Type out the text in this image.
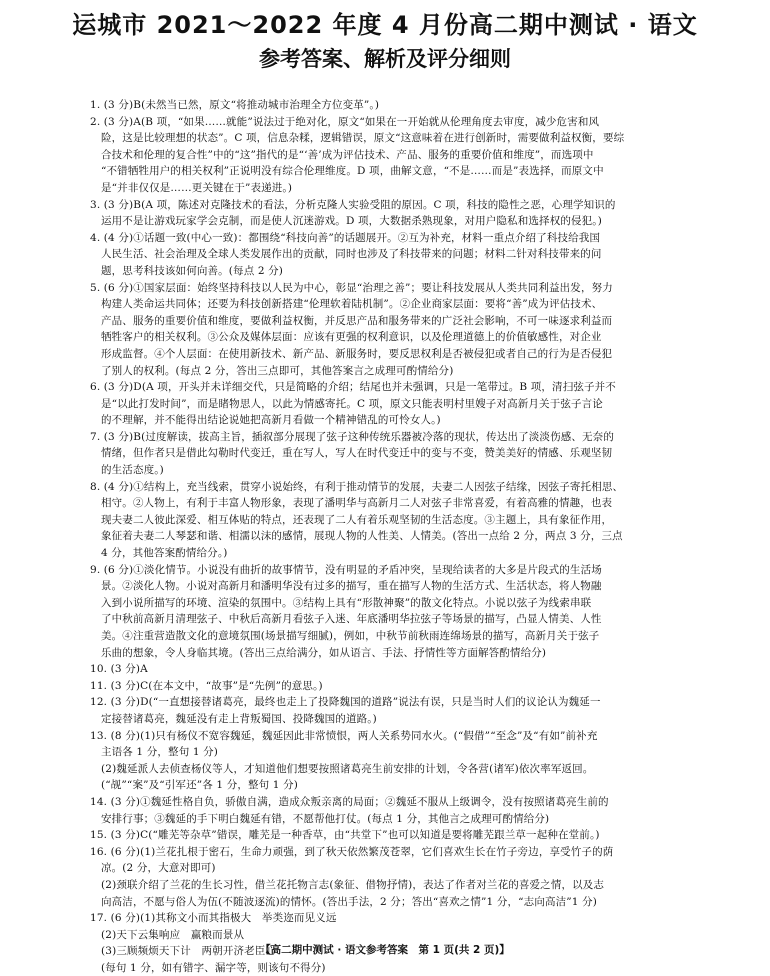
运城市 2021～2022 年度 4 月份高二期中测试 · 语文
参考答案、解析及评分细则
1. (3 分)B(未然当已然，原文“将推动城市治理全方位变革”。)
2. (3 分)A(B 项，“如果……就能”说法过于绝对化，原文“如果在一开始就从伦理角度去审度，减少危害和风
险，这是比较理想的状态”。C 项，信息杂糅，逻辑错误，原文“这意味着在进行创新时，需要做利益权衡，要综
合技术和伦理的复合性”中的“这”指代的是“‘善’成为评估技术、产品、服务的重要价值和维度”，而选项中
“不错牺牲用户的相关权利”正说明没有综合伦理维度。D 项，曲解文意，“不是……而是”表选择，而原文中
是“并非仅仅是……更关键在于”表递进。)
3. (3 分)B(A 项，陈述对克隆技术的看法，分析克隆人实验受阻的原因。C 项，科技的隐性之恶，心理学知识的
运用不是让游戏玩家学会克制，而是使人沉迷游戏。D 项，大数据杀熟现象，对用户隐私和选择权的侵犯。)
4. (4 分)①话题一致(中心一致)：都围绕“科技向善”的话题展开。②互为补充，材料一重点介绍了科技给我国
人民生活、社会治理及全球人类发展作出的贡献，同时也涉及了科技带来的问题；材料二针对科技带来的问
题，思考科技该如何向善。(每点 2 分)
5. (6 分)①国家层面：始终坚持科技以人民为中心，彰显“治理之善”；要让科技发展从人类共同利益出发，努力
构建人类命运共同体；还要为科技创新搭建“伦理软着陆机制”。②企业商家层面：要将“善”成为评估技术、
产品、服务的重要价值和维度，要做利益权衡，并反思产品和服务带来的广泛社会影响，不可一味逐求利益而
牺牲客户的相关权利。③公众及媒体层面：应该有更强的权利意识，以及伦理道德上的价值敏感性，对企业
形成监督。④个人层面：在使用新技术、新产品、新服务时，要反思权利是否被侵犯或者自己的行为是否侵犯
了别人的权利。(每点 2 分，答出三点即可，其他答案言之成理可酌情给分)
6. (3 分)D(A 项，开头并未详细交代，只是简略的介绍；结尾也并未强调，只是一笔带过。B 项，清扫弦子并不
是“以此打发时间”，而是睹物思人，以此为情感寄托。C 项，原文只能表明村里嫂子对高新月关于弦子言论
的不理解，并不能得出结论说她把高新月看做一个精神错乱的可怜女人。)
7. (3 分)B(过度解读，拔高主旨，插叙部分展现了弦子这种传统乐器被冷落的现状，传达出了淡淡伤感、无奈的
情绪，但作者只是借此勾勒时代变迁，重在写人，写人在时代变迁中的变与不变，赞美美好的情感、乐观坚韧
的生活态度。)
8. (4 分)①结构上，充当线索，贯穿小说始终，有利于推动情节的发展，夫妻二人因弦子结缘，因弦子寄托相思、
相守。②人物上，有利于丰富人物形象，表现了潘明华与高新月二人对弦子非常喜爱，有着高雅的情趣，也表
现夫妻二人彼此深爱、相互体贴的特点，还表现了二人有着乐观坚韧的生活态度。③主题上，具有象征作用，
象征着夫妻二人琴瑟和谐、相濡以沫的感情，展现人物的人性美、人情美。(答出一点给 2 分，两点 3 分，三点
4 分，其他答案酌情给分。)
9. (6 分)①淡化情节。小说没有曲折的故事情节，没有明显的矛盾冲突，呈现给读者的大多是片段式的生活场
景。②淡化人物。小说对高新月和潘明华没有过多的描写，重在描写人物的生活方式、生活状态，将人物融
入到小说所描写的环境、渲染的氛围中。③结构上具有“形散神聚”的散文化特点。小说以弦子为线索串联
了中秋前高新月清理弦子、中秋后高新月看弦子入迷、年底潘明华拉弦子等场景的描写，凸显人情美、人性
美。④注重营造散文化的意境氛围(场景描写细腻)，例如，中秋节前秋雨连绵场景的描写，高新月关于弦子
乐曲的想象，令人身临其境。(答出三点给满分，如从语言、手法、抒情性等方面解答酌情给分)
10. (3 分)A
11. (3 分)C(在本文中，“故事”是“先例”的意思。)
12. (3 分)D(“一直想接替诸葛亮，最终也走上了投降魏国的道路”说法有误，只是当时人们的议论认为魏延一
定接替诸葛亮，魏延没有走上背叛蜀国、投降魏国的道路。)
13. (8 分)(1)只有杨仪不宽容魏延，魏延因此非常愤恨，两人关系势同水火。(“假借”“至念”及“有如”前补充
主语各 1 分，整句 1 分)
(2)魏延派人去侦查杨仪等人，才知道他们想要按照诸葛亮生前安排的计划，令各营(诸军)依次率军返回。
(“觇”“案”及“引军还”各 1 分，整句 1 分)
14. (3 分)①魏延性格自负，骄傲自满，造成众叛亲离的局面；②魏延不服从上级调令，没有按照诸葛亮生前的
安排行事；③魏延的手下明白魏延有错，不愿帮他打仗。(每点 1 分，其他言之成理可酌情给分)
15. (3 分)C(“雕芜等杂草”错误，雕芜是一种香草，由“共堂下”也可以知道是要将雕芜跟兰草一起种在堂前。)
16. (6 分)(1)兰花扎根于密石，生命力顽强，到了秋天依然繁茂苍翠，它们喜欢生长在竹子旁边，享受竹子的荫
凉。(2 分，大意对即可)
(2)颈联介绍了兰花的生长习性，借兰花托物言志(象征、借物抒情)，表达了作者对兰花的喜爱之情，以及志
向高洁，不愿与俗人为伍(不随波逐流)的情怀。(答出手法，2 分；答出“喜欢之情”1 分，“志向高洁”1 分)
17. (6 分)(1)其称文小而其指极大　举类迩而见义远
(2)天下云集响应　赢粮而景从
(3)三顾频烦天下计　两朝开济老臣心
(每句 1 分，如有错字、漏字等，则该句不得分)
【高二期中测试 · 语文参考答案　第 1 页(共 2 页)】
